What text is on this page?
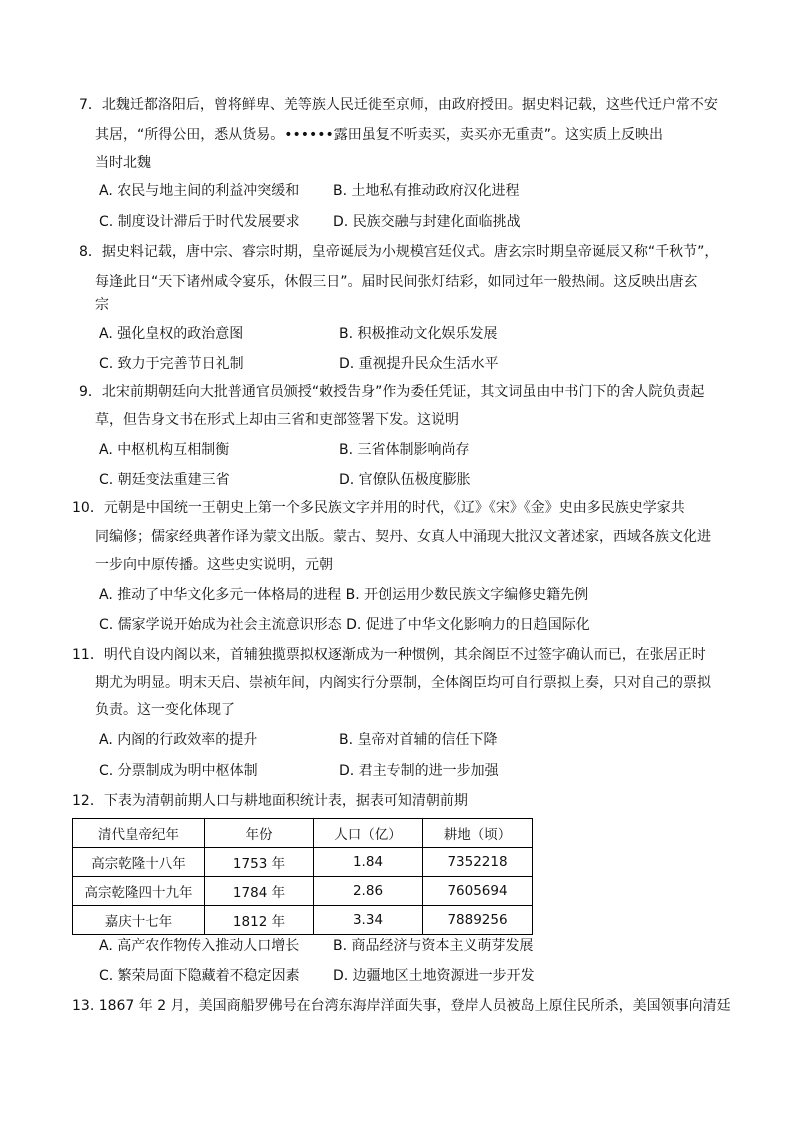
7．北魏迁都洛阳后，曾将鲜卑、羌等族人民迁徙至京师，由政府授田。据史料记载，这些代迁户常不安
其居，“所得公田，悉从货易。••••••露田虽复不听卖买，卖买亦无重责”。这实质上反映出
当时北魏
A. 农民与地主间的利益冲突缓和 B. 土地私有推动政府汉化进程
C. 制度设计滞后于时代发展要求 D. 民族交融与封建化面临挑战
8．据史料记载，唐中宗、睿宗时期，皇帝诞辰为小规模宫廷仪式。唐玄宗时期皇帝诞辰又称“千秋节”，
每逢此日“天下诸州咸令宴乐，休假三日”。届时民间张灯结彩，如同过年一般热闹。这反映出唐玄
宗
A. 强化皇权的政治意图	B. 积极推动文化娱乐发展
C. 致力于完善节日礼制	D. 重视提升民众生活水平
9．北宋前期朝廷向大批普通官员颁授“敕授告身”作为委任凭证，其文词虽由中书门下的舍人院负责起
草，但告身文书在形式上却由三省和吏部签署下发。这说明
A. 中枢机构互相制衡	B. 三省体制影响尚存
C. 朝廷变法重建三省	D. 官僚队伍极度膨胀
10．元朝是中国统一王朝史上第一个多民族文字并用的时代，《辽》《宋》《金》史由多民族史学家共
同编修；儒家经典著作译为蒙文出版。蒙古、契丹、女真人中涌现大批汉文著述家，西域各族文化进
一步向中原传播。这些史实说明，元朝
A. 推动了中华文化多元一体格局的进程 B. 开创运用少数民族文字编修史籍先例
C. 儒家学说开始成为社会主流意识形态 D. 促进了中华文化影响力的日趋国际化
11．明代自设内阁以来，首辅独揽票拟权逐渐成为一种惯例，其余阁臣不过签字确认而已，在张居正时
期尤为明显。明末天启、崇祯年间，内阁实行分票制，全体阁臣均可自行票拟上奏，只对自己的票拟
负责。这一变化体现了
A. 内阁的行政效率的提升	B. 皇帝对首辅的信任下降
C. 分票制成为明中枢体制	D. 君主专制的进一步加强
12．下表为清朝前期人口与耕地面积统计表，据表可知清朝前期
清代皇帝纪年	年份	人口（亿）	耕地（顷）
高宗乾隆十八年	1753 年	1.84	7352218
高宗乾隆四十九年	1784 年	2.86	7605694
嘉庆十七年	1812 年	3.34	7889256
A. 高产农作物传入推动人口增长 B. 商品经济与资本主义萌芽发展
C. 繁荣局面下隐藏着不稳定因素 D. 边疆地区土地资源进一步开发
13. 1867 年 2 月，美国商船罗佛号在台湾东海岸洋面失事，登岸人员被岛上原住民所杀，美国领事向清廷
